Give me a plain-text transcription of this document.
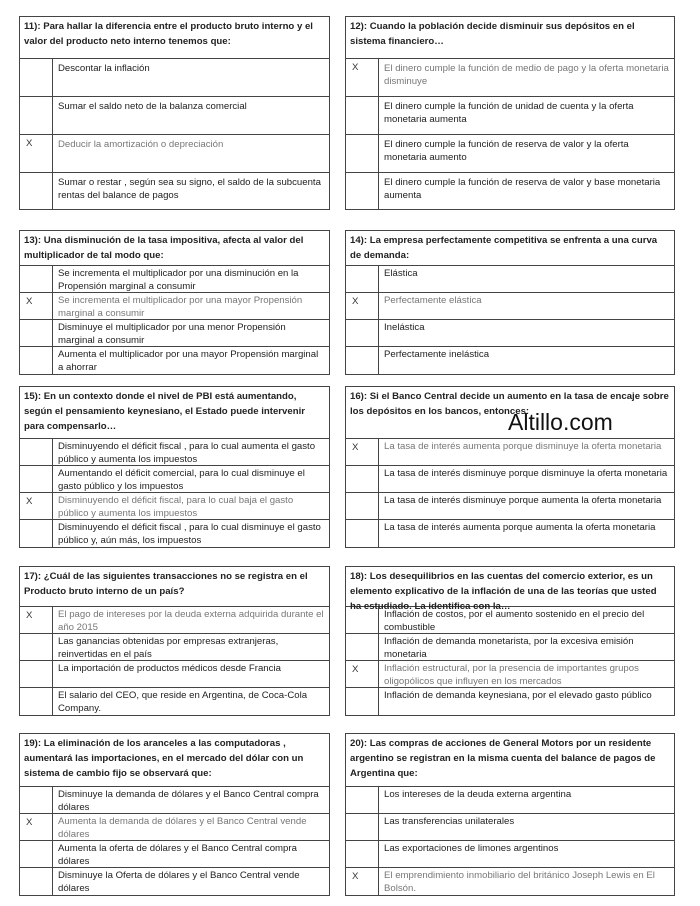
11): Para hallar la diferencia entre el producto bruto interno y el valor del producto neto interno tenemos que:
Descontar la inflación
Sumar el saldo neto de la balanza comercial
X	Deducir la amortización o depreciación
Sumar o restar , según sea su signo, el saldo de la subcuenta rentas del balance de pagos
12): Cuando la población decide disminuir sus depósitos en el sistema financiero…
X	El dinero cumple la función de medio de pago y la oferta monetaria disminuye
El dinero cumple la función de unidad de cuenta y la oferta monetaria aumenta
El dinero cumple la función de reserva de valor y la oferta monetaria aumento
El dinero cumple la función de reserva de valor y base monetaria aumenta
13): Una disminución de la tasa impositiva, afecta al valor del multiplicador de tal modo que:
Se incrementa el multiplicador por una disminución en la Propensión marginal a consumir
X	Se incrementa el multiplicador por una mayor Propensión marginal a consumir
Disminuye el multiplicador por una menor Propensión marginal a consumir
Aumenta el multiplicador por una mayor Propensión marginal a ahorrar
14): La empresa perfectamente competitiva se enfrenta a una curva de demanda:
Elástica
X	Perfectamente elástica
Inelástica
Perfectamente inelástica
15): En un contexto donde el nivel de PBI está aumentando, según el pensamiento keynesiano, el Estado puede intervenir para compensarlo…
Disminuyendo el déficit fiscal , para lo cual aumenta el gasto público y aumenta los impuestos
Aumentando el déficit comercial, para lo cual disminuye el gasto público y los impuestos
X	Disminuyendo el déficit fiscal, para lo cual baja el gasto público y aumenta los impuestos
Disminuyendo el déficit fiscal , para lo cual disminuye el gasto público y, aún más, los impuestos
16): Si el Banco Central decide un aumento en la tasa de encaje sobre los depósitos en los bancos, entonces:
X	La tasa de interés aumenta porque disminuye la oferta monetaria
La tasa de interés disminuye porque disminuye la oferta monetaria
La tasa de interés disminuye porque aumenta la oferta monetaria
La tasa de interés aumenta porque aumenta la oferta monetaria
Altillo.com
17): ¿Cuál de las siguientes transacciones no se registra en el Producto bruto interno de un país?
X	El pago de intereses por la deuda externa adquirida durante el año 2015
Las ganancias obtenidas por empresas extranjeras, reinvertidas en el país
La importación de productos médicos desde Francia
El salario del CEO, que reside en Argentina, de Coca-Cola Company.
18): Los desequilibrios en las cuentas del comercio exterior, es un elemento explicativo de la inflación de una de las teorías que usted ha estudiado. La identifica con la…
Inflación de costos, por el aumento sostenido en el precio del combustible
Inflación de demanda monetarista, por la excesiva emisión monetaria
X	Inflación estructural, por la presencia de importantes grupos oligopólicos que influyen en los mercados
Inflación de demanda keynesiana, por el elevado gasto público
19): La eliminación de los aranceles a las computadoras , aumentará las importaciones, en el mercado del dólar con un sistema de cambio fijo se observará que:
Disminuye la demanda de dólares y el Banco Central compra dólares
X	Aumenta la demanda de dólares y el Banco Central vende dólares
Aumenta la oferta de dólares y el Banco Central compra dólares
Disminuye la Oferta de dólares y el Banco Central vende dólares
20): Las compras de acciones de General Motors por un residente argentino se registran en la misma cuenta del balance de pagos de Argentina que:
Los intereses de la deuda externa argentina
Las transferencias unilaterales
Las exportaciones de limones argentinos
X	El emprendimiento inmobiliario del británico Joseph Lewis en El Bolsón.
